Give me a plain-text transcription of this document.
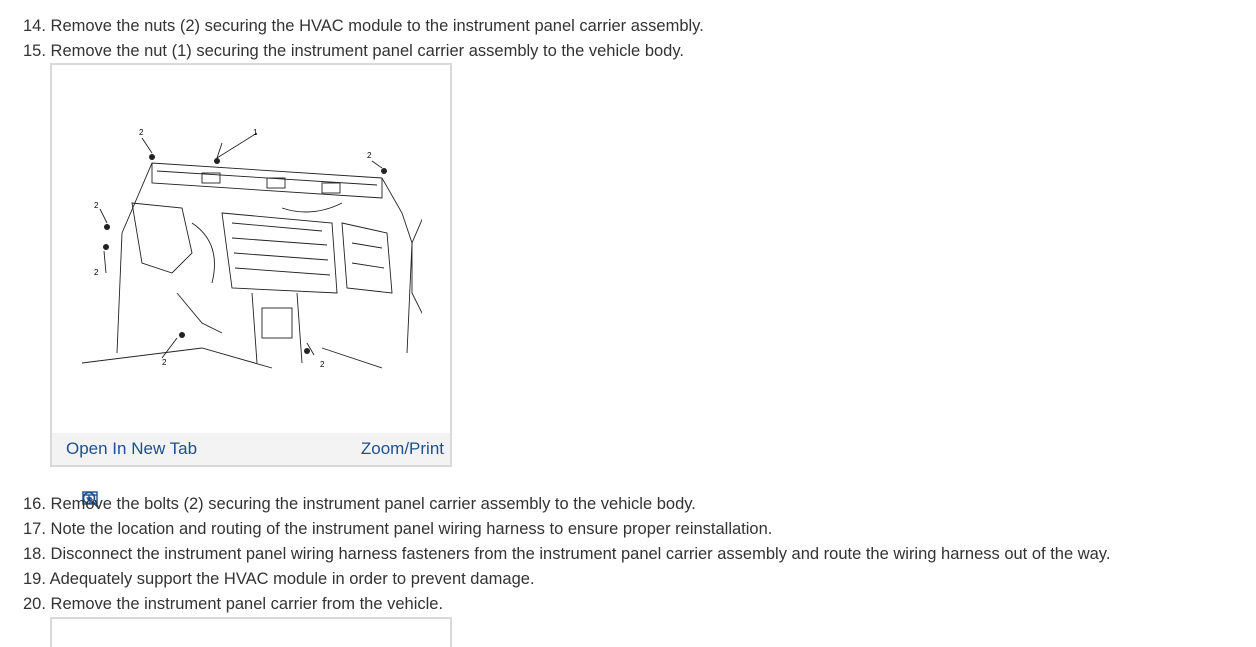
14. Remove the nuts (2) securing the HVAC module to the instrument panel carrier assembly.
15. Remove the nut (1) securing the instrument panel carrier assembly to the vehicle body.
2	1
2
2
2
2	2
Open In New Tab	Zoom/Print
16. Remove the bolts (2) securing the instrument panel carrier assembly to the vehicle body.
17. Note the location and routing of the instrument panel wiring harness to ensure proper reinstallation.
18. Disconnect the instrument panel wiring harness fasteners from the instrument panel carrier assembly and route the wiring harness out of the way.
19. Adequately support the HVAC module in order to prevent damage.
20. Remove the instrument panel carrier from the vehicle.
